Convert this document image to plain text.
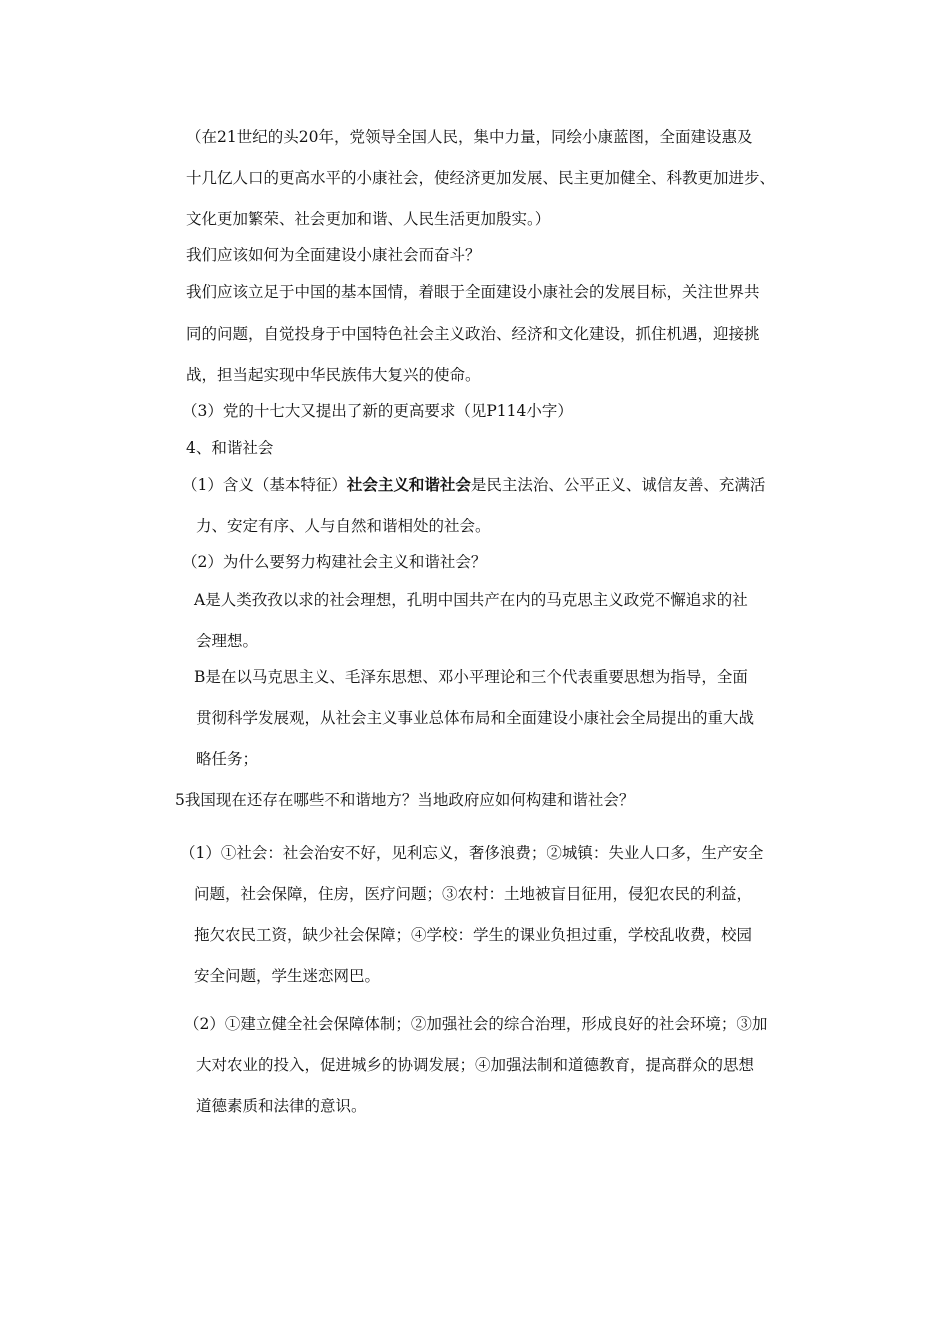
（在21世纪的头20年，党领导全国人民，集中力量，同绘小康蓝图，全面建设惠及
十几亿人口的更高水平的小康社会，使经济更加发展、民主更加健全、科教更加进步、
文化更加繁荣、社会更加和谐、人民生活更加殷实。）
我们应该如何为全面建设小康社会而奋斗？
我们应该立足于中国的基本国情，着眼于全面建设小康社会的发展目标，关注世界共
同的问题，自觉投身于中国特色社会主义政治、经济和文化建设，抓住机遇，迎接挑
战，担当起实现中华民族伟大复兴的使命。
（3）党的十七大又提出了新的更高要求（见P114小字）
4、和谐社会
（1）含义（基本特征）社会主义和谐社会是民主法治、公平正义、诚信友善、充满活
力、安定有序、人与自然和谐相处的社会。
（2）为什么要努力构建社会主义和谐社会？
A是人类孜孜以求的社会理想，孔明中国共产在内的马克思主义政党不懈追求的社
会理想。
B是在以马克思主义、毛泽东思想、邓小平理论和三个代表重要思想为指导，全面
贯彻科学发展观，从社会主义事业总体布局和全面建设小康社会全局提出的重大战
略任务；
5我国现在还存在哪些不和谐地方？当地政府应如何构建和谐社会？
（1）①社会：社会治安不好，见利忘义，奢侈浪费；②城镇：失业人口多，生产安全
问题，社会保障，住房，医疗问题；③农村：土地被盲目征用，侵犯农民的利益，
拖欠农民工资，缺少社会保障；④学校：学生的课业负担过重，学校乱收费，校园
安全问题，学生迷恋网巴。
（2）①建立健全社会保障体制；②加强社会的综合治理，形成良好的社会环境；③加
大对农业的投入，促进城乡的协调发展；④加强法制和道德教育，提高群众的思想
道德素质和法律的意识。
